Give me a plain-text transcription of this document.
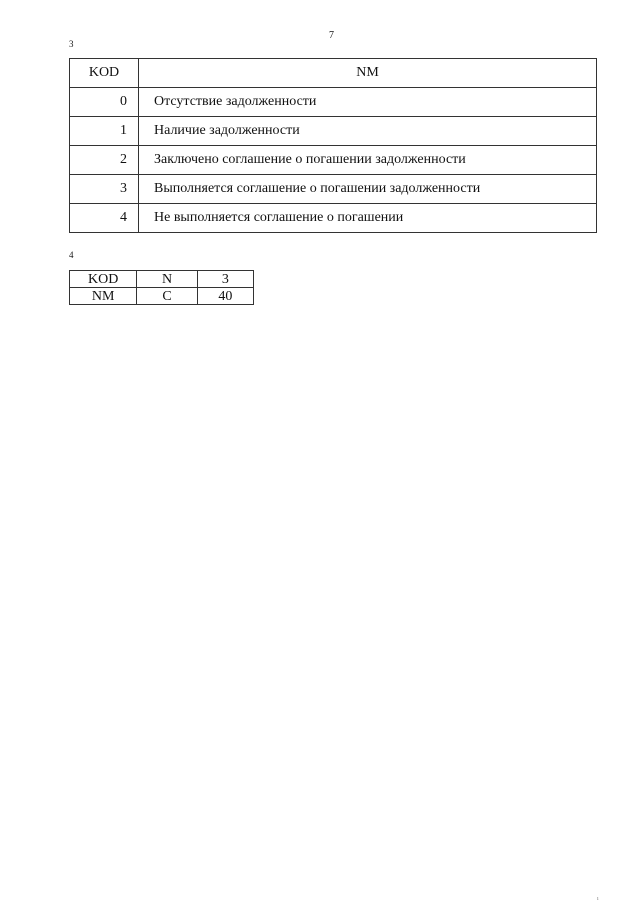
7
3
KOD	NM
0	Отсутствие задолженности
1	Наличие задолженности
2	Заключено соглашение о погашении задолженности
3	Выполняется соглашение о погашении задолженности
4	Не выполняется соглашение о погашении
4
KOD	N	3
NM	C	40
ı
